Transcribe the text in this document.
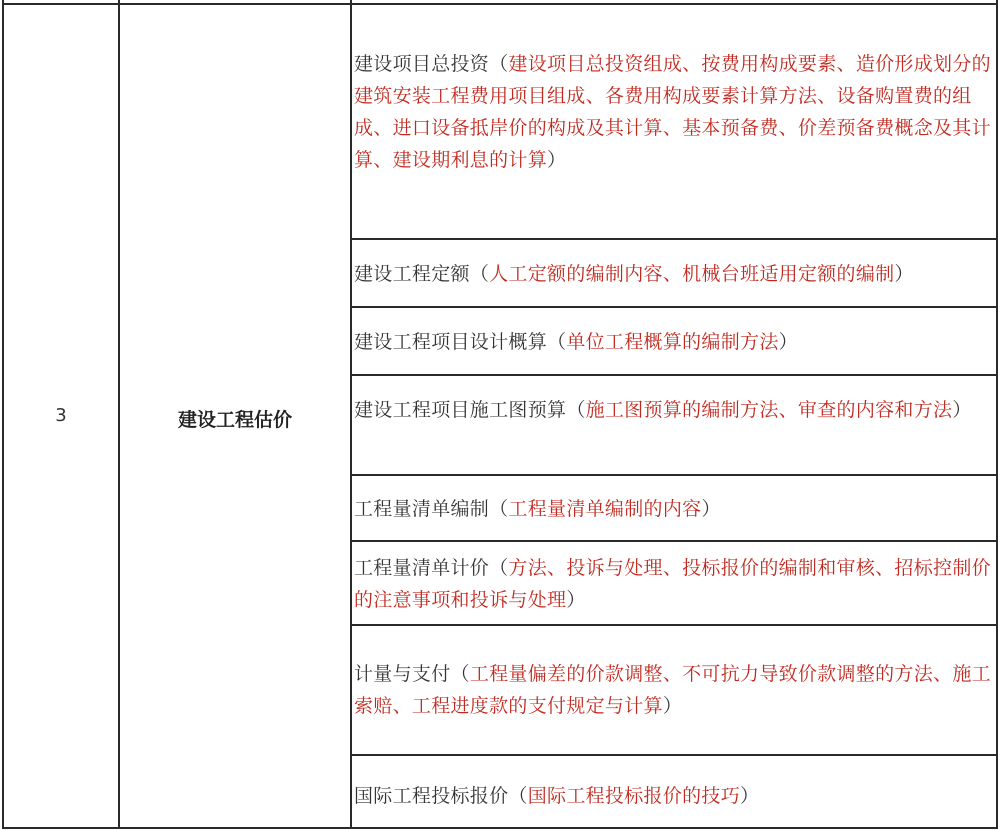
3	建设工程估价
建设项目总投资（建设项目总投资组成、按费用构成要素、造价形成划分的建筑安装工程费用项目组成、各费用构成要素计算方法、设备购置费的组成、进口设备抵岸价的构成及其计算、基本预备费、价差预备费概念及其计算、建设期利息的计算）
建设工程定额（人工定额的编制内容、机械台班适用定额的编制）
建设工程项目设计概算（单位工程概算的编制方法）
建设工程项目施工图预算（施工图预算的编制方法、审查的内容和方法）
工程量清单编制（工程量清单编制的内容）
工程量清单计价（方法、投诉与处理、投标报价的编制和审核、招标控制价的注意事项和投诉与处理）
计量与支付（工程量偏差的价款调整、不可抗力导致价款调整的方法、施工索赔、工程进度款的支付规定与计算）
国际工程投标报价（国际工程投标报价的技巧）
